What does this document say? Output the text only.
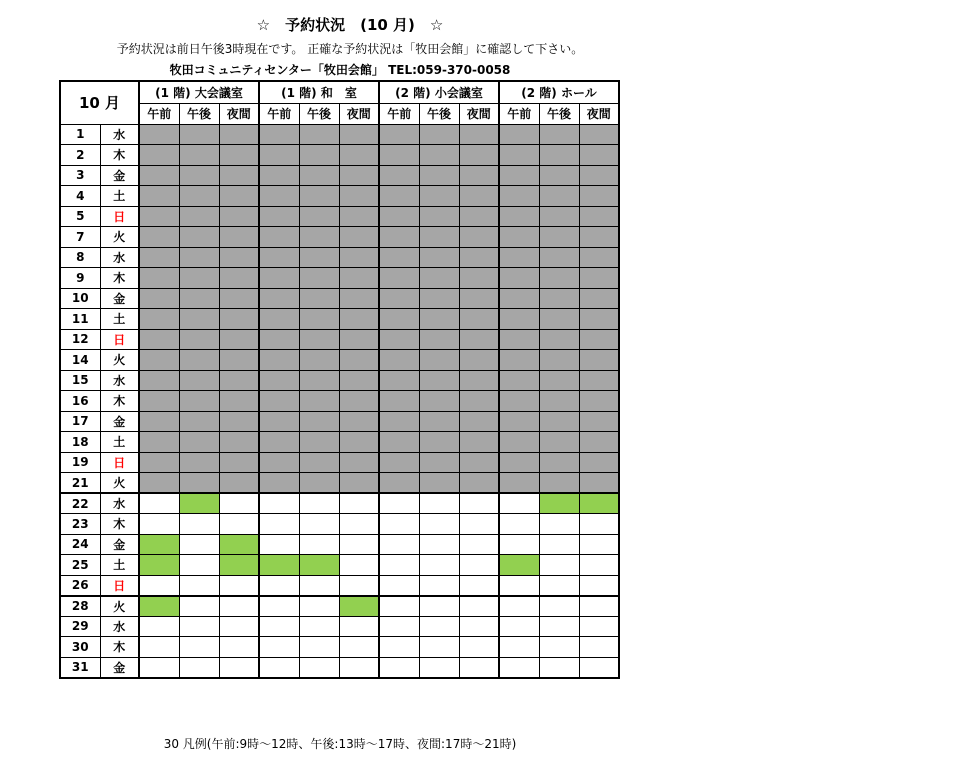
☆　予約状況　(10 月)　☆
予約状況は前日午後3時現在です。 正確な予約状況は「牧田会館」に確認して下さい。
牧田コミュニティセンター「牧田会館」 TEL:059-370-0058
10 月		(1 階) 大会議室			(1 階) 和　室			(2 階) 小会議室			(2 階) ホール		
		午前	午後	夜間	午前	午後	夜間	午前	午後	夜間	午前	午後	夜間
1	水												
2	木												
3	金												
4	土												
5	日												
7	火												
8	水												
9	木												
10	金												
11	土												
12	日												
14	火												
15	水												
16	木												
17	金												
18	土												
19	日												
21	火												
22	水												
23	木												
24	金												
25	土												
26	日												
28	火												
29	水												
30	木												
31	金												
30 凡例(午前:9時～12時、午後:13時～17時、夜間:17時～21時)
